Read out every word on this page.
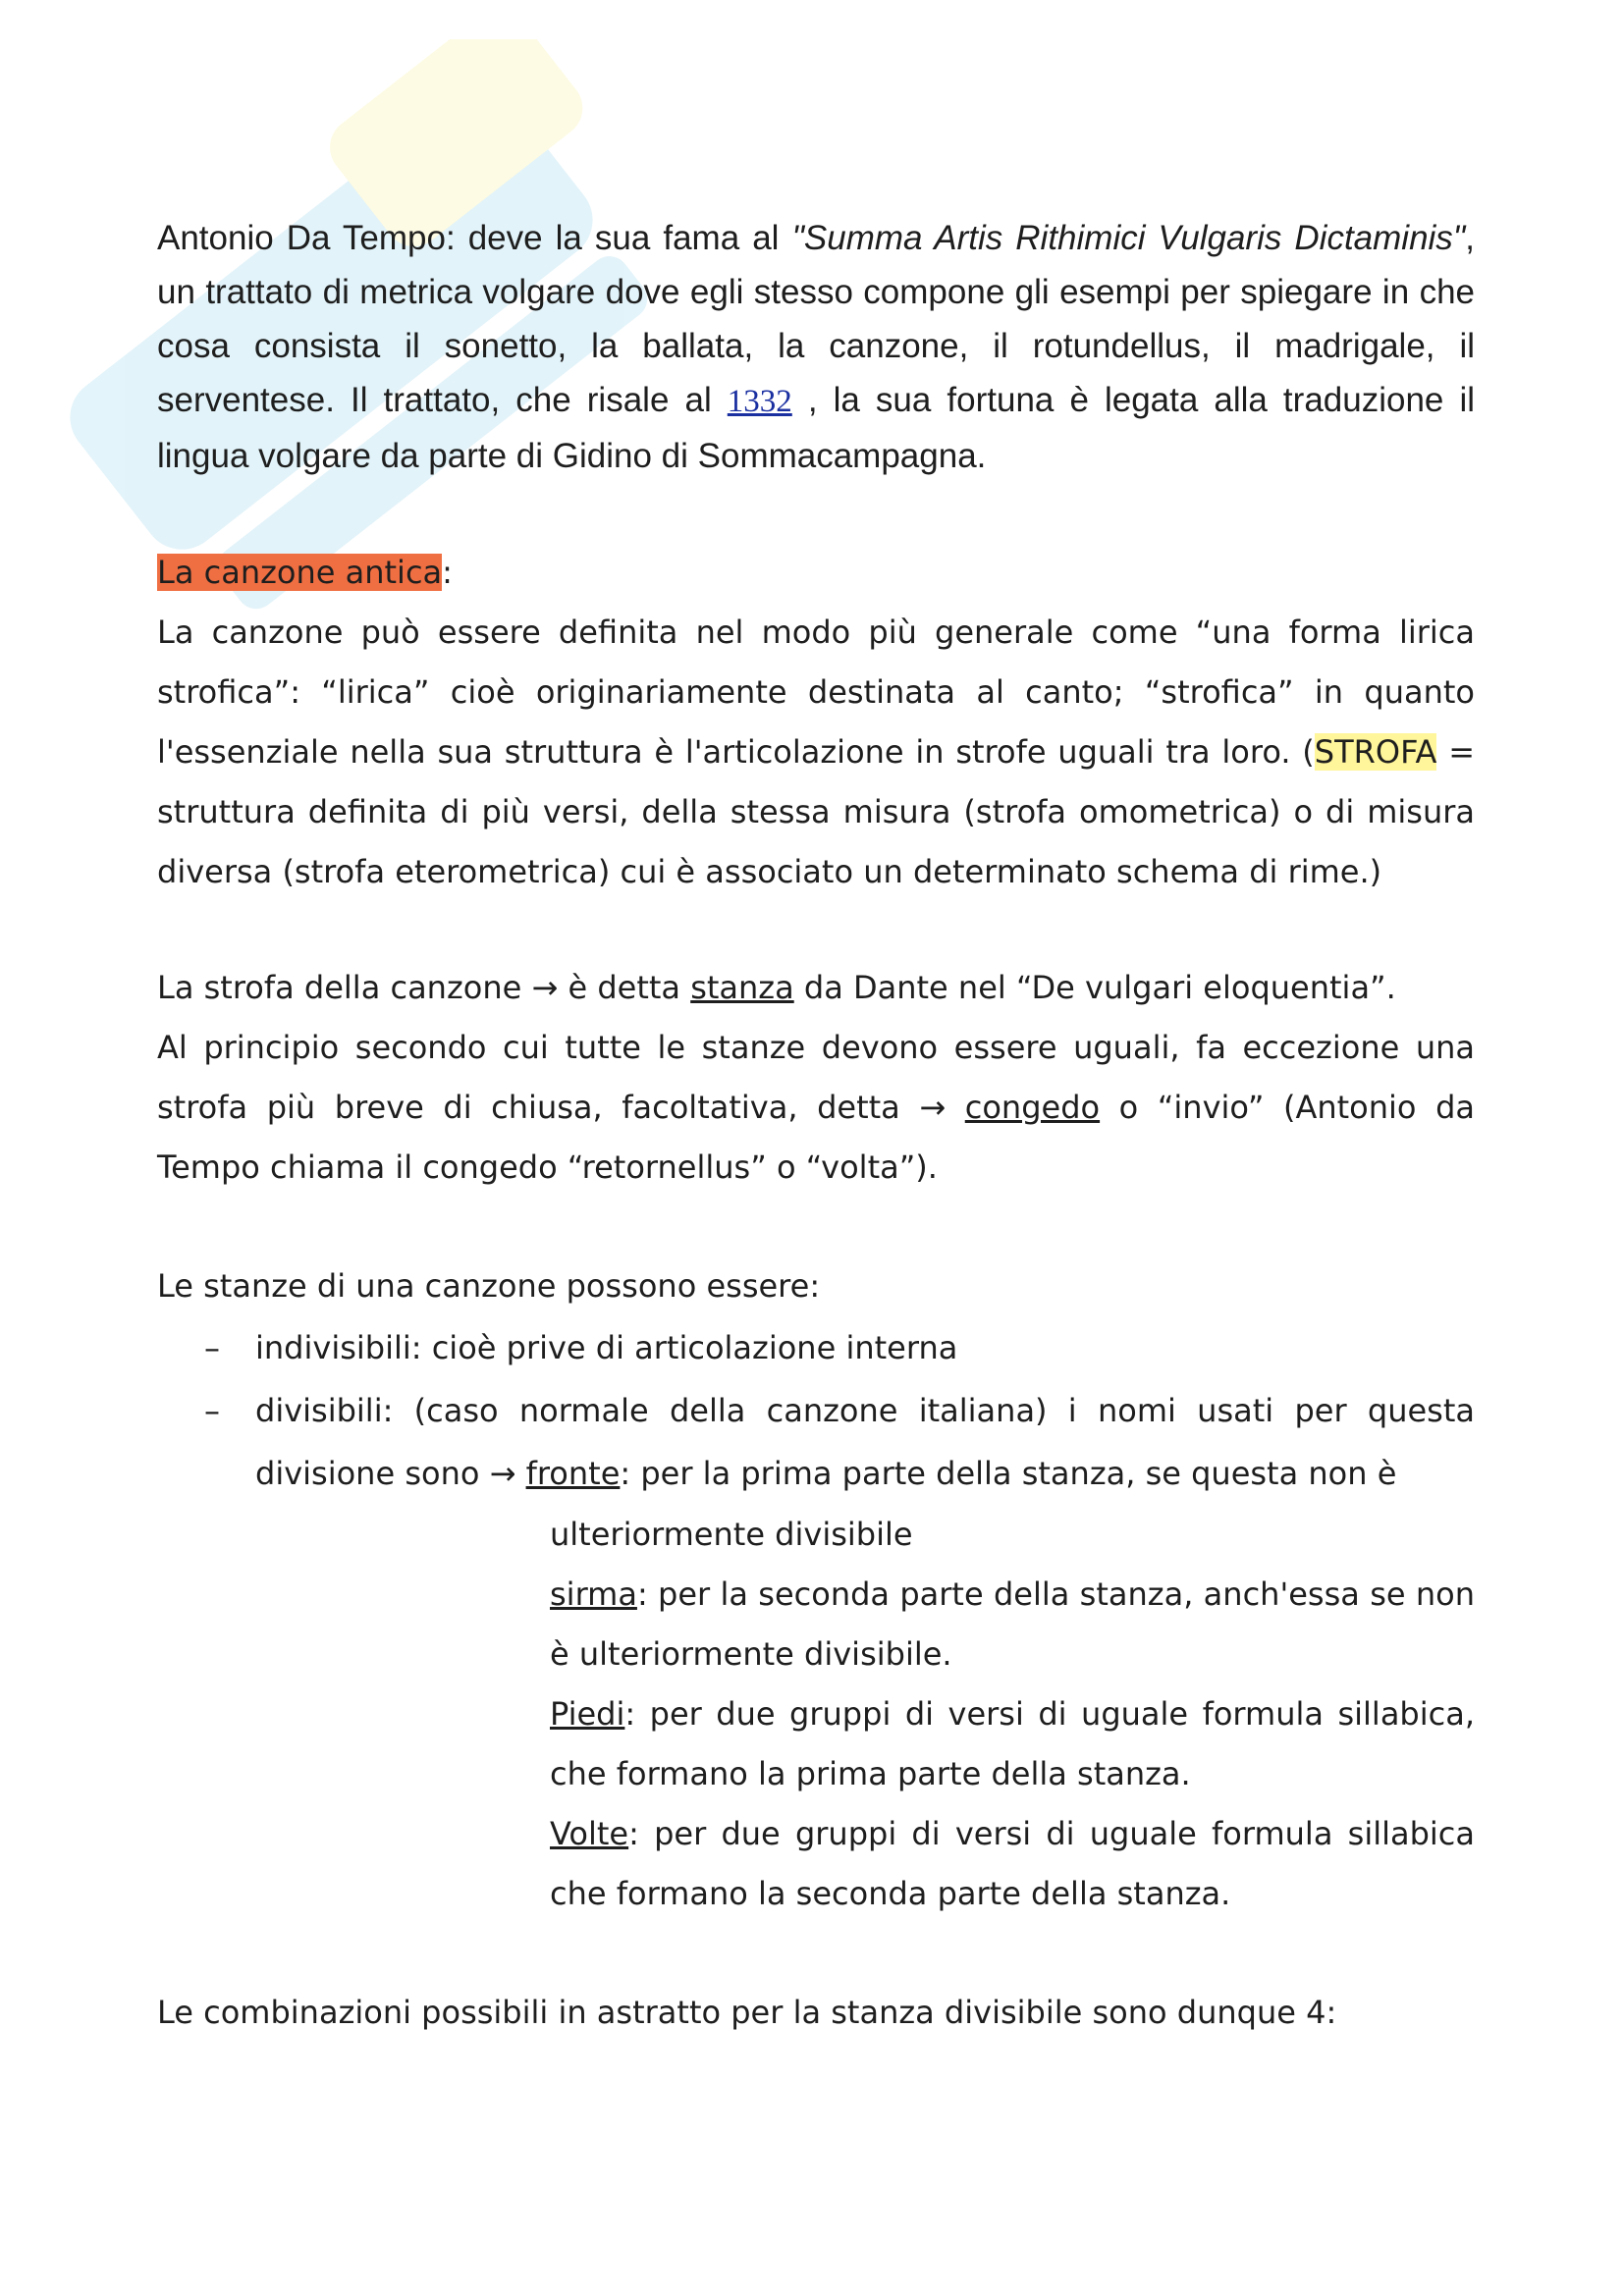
Antonio Da Tempo: deve la sua fama al "Summa Artis Rithimici Vulgaris Dictaminis", un trattato di metrica volgare dove egli stesso compone gli esempi per spiegare in che cosa consista il sonetto, la ballata, la canzone, il rotundellus, il madrigale, il serventese. Il trattato, che risale al 1332 , la sua fortuna è legata alla traduzione il lingua volgare da parte di Gidino di Sommacampagna.

La canzone antica:

La canzone può essere definita nel modo più generale come “una forma lirica strofica”: “lirica” cioè originariamente destinata al canto; “strofica” in quanto l'essenziale nella sua struttura è l'articolazione in strofe uguali tra loro. (STROFA = struttura definita di più versi, della stessa misura (strofa omometrica) o di misura diversa (strofa eterometrica) cui è associato un determinato schema di rime.)

La strofa della canzone → è detta stanza da Dante nel “De vulgari eloquentia”.

Al principio secondo cui tutte le stanze devono essere uguali, fa eccezione una strofa più breve di chiusa, facoltativa, detta → congedo o “invio” (Antonio da Tempo chiama il congedo “retornellus” o “volta”).

Le stanze di una canzone possono essere:

– indivisibili: cioè prive di articolazione interna
– divisibili: (caso normale della canzone italiana) i nomi usati per questa divisione sono → fronte: per la prima parte della stanza, se questa non è
ulteriormente divisibile
sirma: per la seconda parte della stanza, anch'essa se non è ulteriormente divisibile.
Piedi: per due gruppi di versi di uguale formula sillabica, che formano la prima parte della stanza.
Volte: per due gruppi di versi di uguale formula sillabica che formano la seconda parte della stanza.

Le combinazioni possibili in astratto per la stanza divisibile sono dunque 4:
